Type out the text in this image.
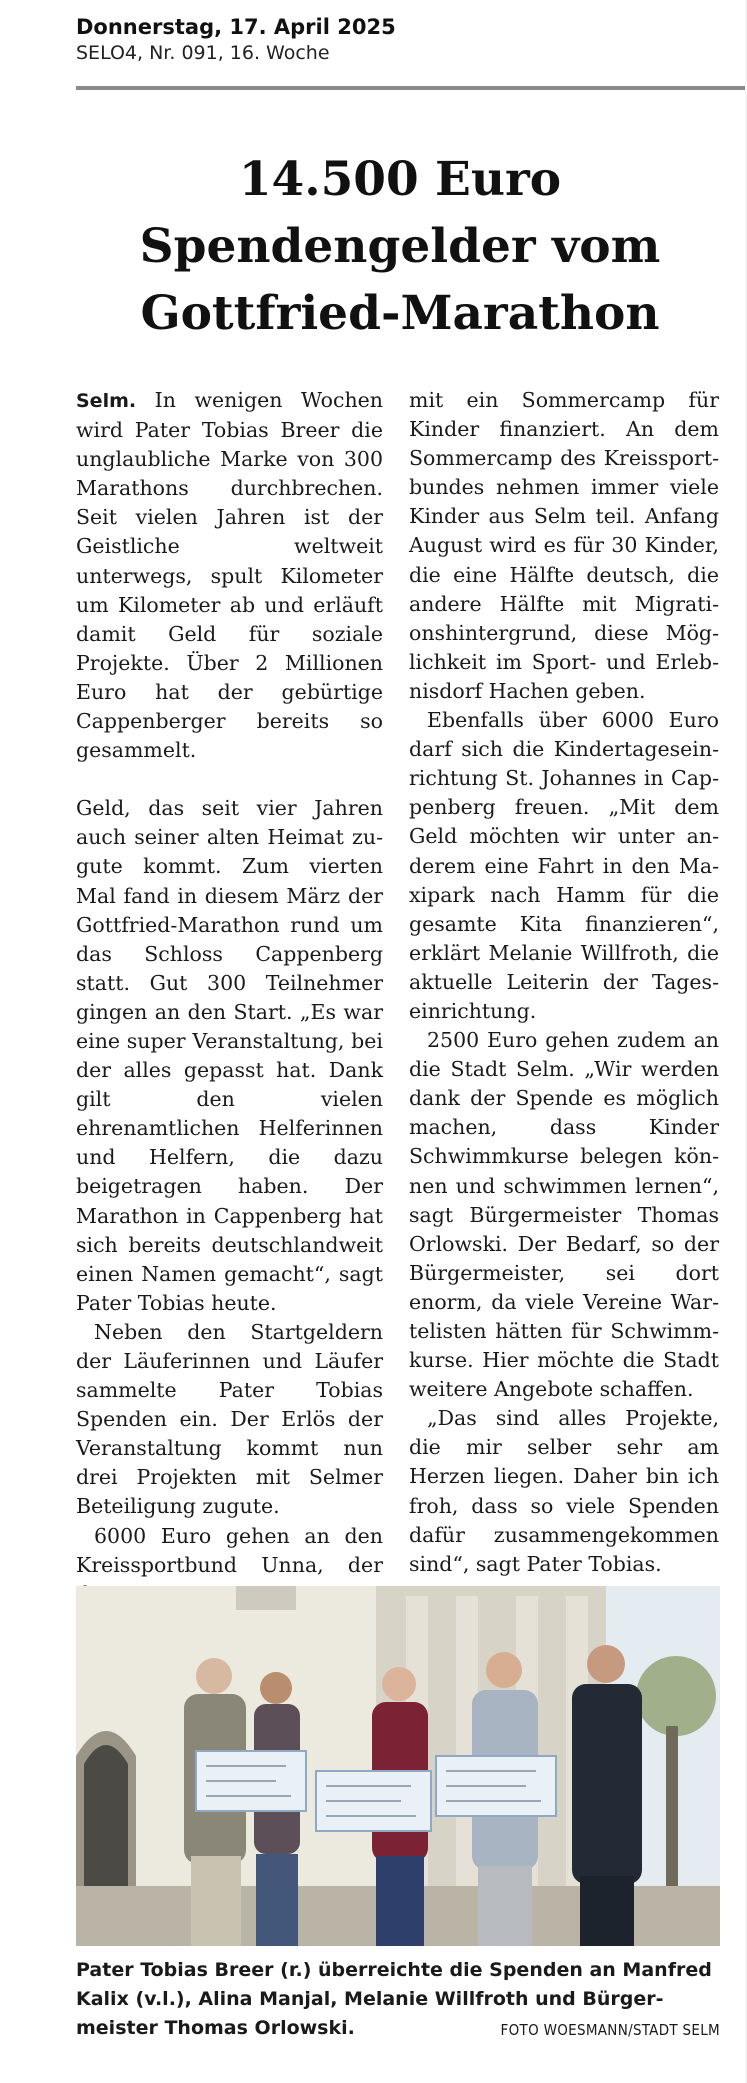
Donnerstag, 17. April 2025
SELO4, Nr. 091, 16. Woche
14.500 Euro
Spendengelder vom
Gottfried-Marathon

Selm. In wenigen Wochen wird Pater Tobias Breer die unglaubliche Marke von 300 Marathons durchbrechen. Seit vielen Jahren ist der Geistliche weltweit unterwegs, spult Kilometer um Kilometer ab und erläuft damit Geld für soziale Projekte. Über 2 Millionen Euro hat der gebürtige Cappenberger bereits so gesammelt.

Geld, das seit vier Jahren auch seiner alten Heimat zugute kommt. Zum vierten Mal fand in diesem März der Gottfried-Marathon rund um das Schloss Cappenberg statt. Gut 300 Teilnehmer gingen an den Start. „Es war eine super Veranstaltung, bei der alles gepasst hat. Dank gilt den vielen ehrenamtlichen Helferinnen und Helfern, die dazu beigetragen haben. Der Marathon in Cappenberg hat sich bereits deutschlandweit einen Namen gemacht“, sagt Pater Tobias heute.

Neben den Startgeldern der Läuferinnen und Läufer sammelte Pater Tobias Spenden ein. Der Erlös der Veranstaltung kommt nun drei Projekten mit Selmer Beteiligung zugute.

6000 Euro gehen an den Kreissportbund Unna, der

mit ein Sommercamp für Kinder finanziert. An dem Sommercamp des Kreissportbundes nehmen immer viele Kinder aus Selm teil. Anfang August wird es für 30 Kinder, die eine Hälfte deutsch, die andere Hälfte mit Migrationshintergrund, diese Möglichkeit im Sport- und Erlebnisdorf Hachen geben.

Ebenfalls über 6000 Euro darf sich die Kindertageseinrichtung St. Johannes in Cappenberg freuen. „Mit dem Geld möchten wir unter anderem eine Fahrt in den Maxipark nach Hamm für die gesamte Kita finanzieren“, erklärt Melanie Willfroth, die aktuelle Leiterin der Tageseinrichtung.

2500 Euro gehen zudem an die Stadt Selm. „Wir werden dank der Spende es möglich machen, dass Kinder Schwimmkurse belegen können und schwimmen lernen“, sagt Bürgermeister Thomas Orlowski. Der Bedarf, so der Bürgermeister, sei dort enorm, da viele Vereine Wartelisten hätten für Schwimmkurse. Hier möchte die Stadt weitere Angebote schaffen.

„Das sind alles Projekte, die mir selber sehr am Herzen liegen. Daher bin ich froh, dass so viele Spenden dafür zusammengekommen sind“, sagt Pater Tobias.

Pater Tobias Breer (r.) überreichte die Spenden an Manfred Kalix (v.l.), Alina Manjal, Melanie Willfroth und Bürgermeister Thomas Orlowski.	FOTO WOESMANN/STADT SELM
